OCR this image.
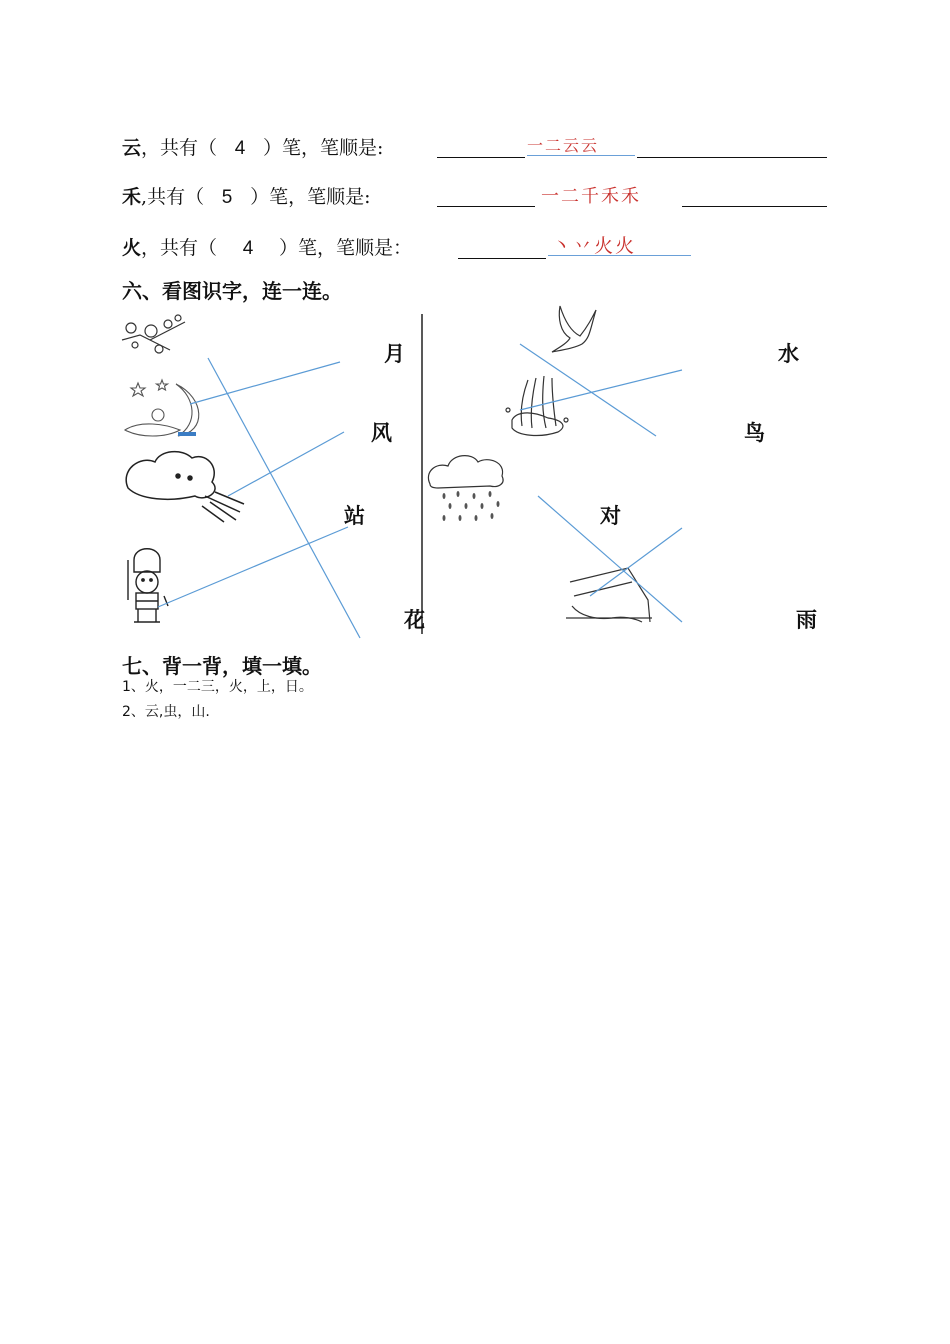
云，共有（ 4 ）笔，笔顺是:	一二云云
禾,共有（ 5 ）笔，笔顺是:	一二千禾禾
火，共有（ 4 ）笔，笔顺是：	丶丷火火
六、看图识字，连一连。
月
风
站
花
水
鸟
对
雨
七、背一背，填一填。
1、火，一二三，火，上，日。
2、云,虫，山.
